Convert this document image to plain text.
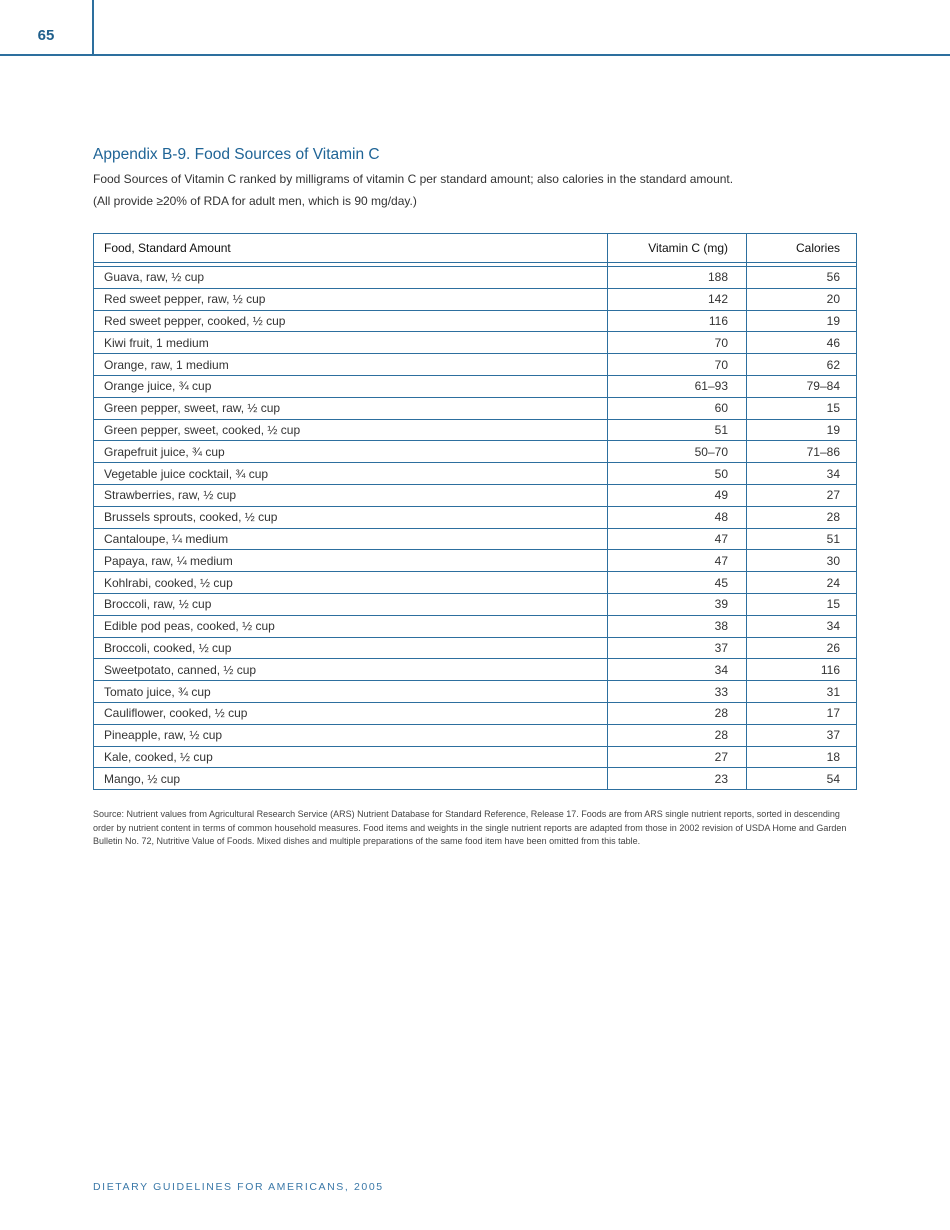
65
Appendix B-9. Food Sources of Vitamin C
Food Sources of Vitamin C ranked by milligrams of vitamin C per standard amount; also calories in the standard amount.
(All provide ≥20% of RDA for adult men, which is 90 mg/day.)
Food, Standard Amount	Vitamin C (mg)	Calories

Guava, raw, ½ cup	188	56
Red sweet pepper, raw, ½ cup	142	20
Red sweet pepper, cooked, ½ cup	116	19
Kiwi fruit, 1 medium	70	46
Orange, raw, 1 medium	70	62
Orange juice, ¾ cup	61–93	79–84
Green pepper, sweet, raw, ½ cup	60	15
Green pepper, sweet, cooked, ½ cup	51	19
Grapefruit juice, ¾ cup	50–70	71–86
Vegetable juice cocktail, ¾ cup	50	34
Strawberries, raw, ½ cup	49	27
Brussels sprouts, cooked, ½ cup	48	28
Cantaloupe, ¼ medium	47	51
Papaya, raw, ¼ medium	47	30
Kohlrabi, cooked, ½ cup	45	24
Broccoli, raw, ½ cup	39	15
Edible pod peas, cooked, ½ cup	38	34
Broccoli, cooked, ½ cup	37	26
Sweetpotato, canned, ½ cup	34	116
Tomato juice, ¾ cup	33	31
Cauliflower, cooked, ½ cup	28	17
Pineapple, raw, ½ cup	28	37
Kale, cooked, ½ cup	27	18
Mango, ½ cup	23	54
Source: Nutrient values from Agricultural Research Service (ARS) Nutrient Database for Standard Reference, Release 17. Foods are from ARS single nutrient reports, sorted in descending order by nutrient content in terms of common household measures. Food items and weights in the single nutrient reports are adapted from those in 2002 revision of USDA Home and Garden Bulletin No. 72, Nutritive Value of Foods. Mixed dishes and multiple preparations of the same food item have been omitted from this table.
DIETARY GUIDELINES FOR AMERICANS, 2005
